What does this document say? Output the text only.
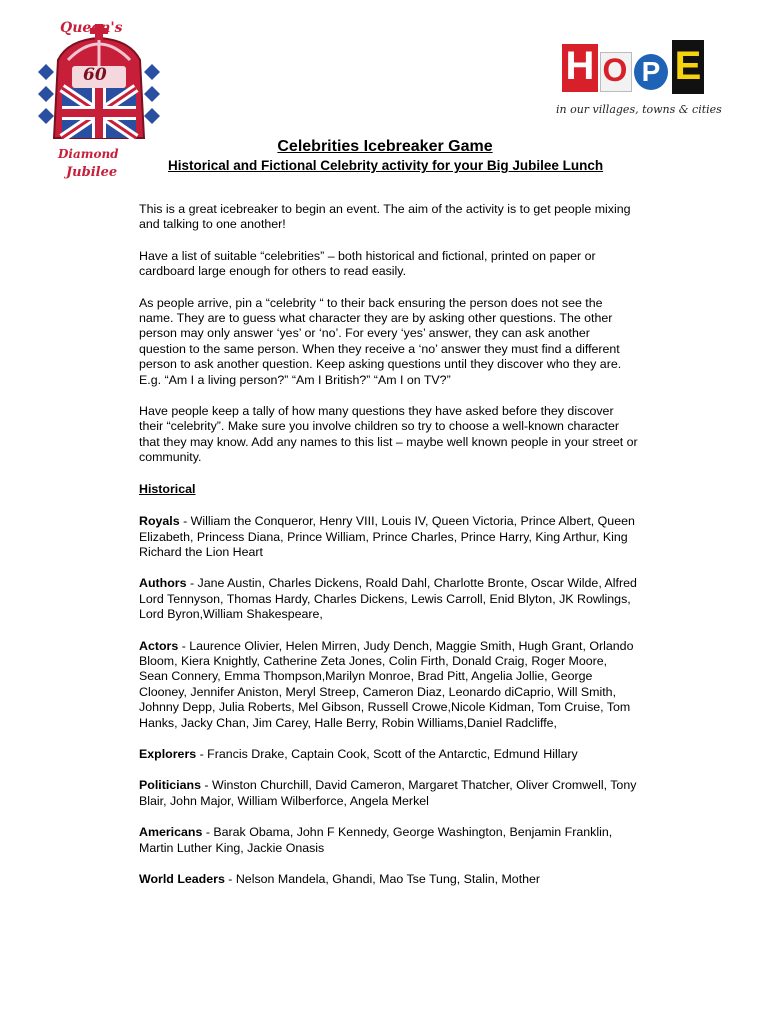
Queen's
60
Diamond
Jubilee
H O P E
in our villages, towns & cities
Celebrities Icebreaker Game
Historical and Fictional Celebrity activity for your Big Jubilee Lunch

This is a great icebreaker to begin an event. The aim of the activity is to get people mixing and talking to one another!

Have a list of suitable “celebrities” – both historical and fictional, printed on paper or cardboard large enough for others to read easily.

As people arrive, pin a “celebrity “ to their back ensuring the person does not see the name. They are to guess what character they are by asking other questions. The other person may only answer ‘yes’ or ‘no’. For every ‘yes’ answer, they can ask another question to the same person. When they receive a ‘no’ answer they must find a different person to ask another question. Keep asking questions until they discover who they are. E.g. “Am I a living person?” “Am I British?” “Am I on TV?”

Have people keep a tally of how many questions they have asked before they discover their “celebrity”. Make sure you involve children so try to choose a well-known character that they may know. Add any names to this list – maybe well known people in your street or community.

Historical

Royals - William the Conqueror, Henry VIII, Louis IV, Queen Victoria, Prince Albert, Queen Elizabeth, Princess Diana, Prince William, Prince Charles, Prince Harry, King Arthur, King Richard the Lion Heart

Authors - Jane Austin, Charles Dickens, Roald Dahl, Charlotte Bronte, Oscar Wilde, Alfred Lord Tennyson, Thomas Hardy, Charles Dickens, Lewis Carroll, Enid Blyton, JK Rowlings, Lord Byron,William Shakespeare,

Actors - Laurence Olivier, Helen Mirren, Judy Dench, Maggie Smith, Hugh Grant, Orlando Bloom, Kiera Knightly, Catherine Zeta Jones, Colin Firth, Donald Craig, Roger Moore, Sean Connery, Emma Thompson,Marilyn Monroe, Brad Pitt, Angelia Jollie, George Clooney, Jennifer Aniston, Meryl Streep, Cameron Diaz, Leonardo diCaprio, Will Smith, Johnny Depp, Julia Roberts, Mel Gibson, Russell Crowe,Nicole Kidman, Tom Cruise, Tom Hanks, Jacky Chan, Jim Carey, Halle Berry, Robin Williams,Daniel Radcliffe,

Explorers - Francis Drake, Captain Cook, Scott of the Antarctic, Edmund Hillary

Politicians - Winston Churchill, David Cameron, Margaret Thatcher, Oliver Cromwell, Tony Blair, John Major, William Wilberforce, Angela Merkel

Americans - Barak Obama, John F Kennedy, George Washington, Benjamin Franklin, Martin Luther King, Jackie Onasis

World Leaders - Nelson Mandela, Ghandi, Mao Tse Tung, Stalin, Mother
